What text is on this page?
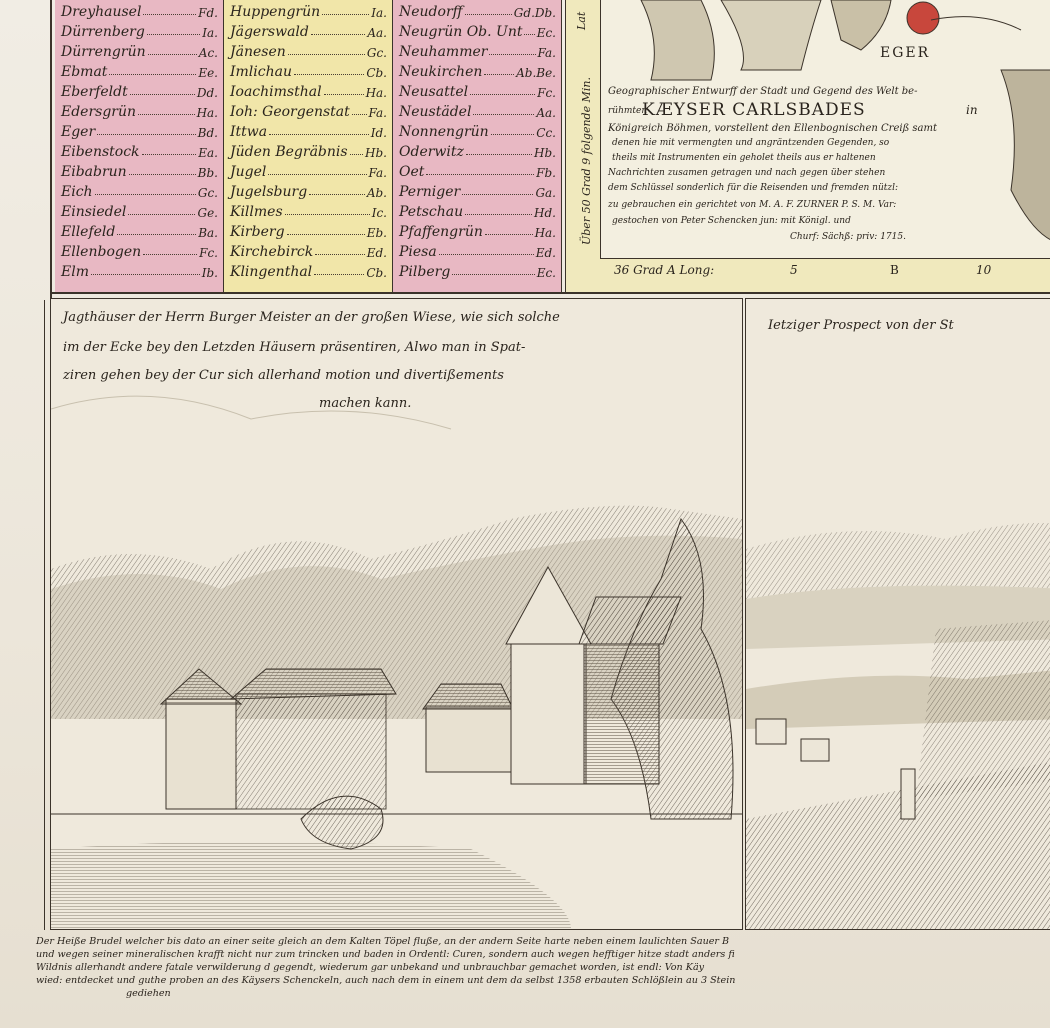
Dreyhausel	Fd.
Dürrenberg	Ia.
Dürrengrün	Ac.
Ebmat	Ee.
Eberfeldt	Dd.
Edersgrün	Ha.
Eger	Bd.
Eibenstock	Ea.
Eibabrun	Bb.
Eich	Gc.
Einsiedel	Ge.
Ellefeld	Ba.
Ellenbogen	Fc.
Elm	Ib.
Huppengrün	Ia.
Jägerswald	Aa.
Jänesen	Gc.
Imlichau	Cb.
Ioachimsthal	Ha.
Ioh: Georgenstat Fa.
Ittwa	Id.
Jüden Begräbnis Hb.
Jugel	Fa.
Jugelsburg	Ab.
Killmes	Ic.
Kirberg	Eb.
Kirchebirck	Ed.
Klingenthal	Cb.
Neudorff	Gd.Db.
Neugrün Ob. Unt Ec.
Neuhammer	Fa.
Neukirchen	Ab.Be.
Neusattel	Fc.
Neustädel	Aa.
Nonnengrün	Cc.
Oderwitz	Hb.
Oet	Fb.
Perniger	Ga.
Petschau	Hd.
Pfaffengrün	Ha.
Piesa	Ed.
Pilberg	Ec.
Über 50 Grad 9 folgende Min.
Lat
EGER
Geographischer Entwurff der Stadt und Gegend des Welt be-
rühmten
KÆYSER CARLSBADES	in
Königreich Böhmen, vorstellent den Ellenbognischen Creiß samt
denen hie mit vermengten und angräntzenden Gegenden, so
theils mit Instrumenten ein geholet theils aus er haltenen
Nachrichten zusamen getragen und nach gegen über stehen
dem Schlüssel sonderlich für die Reisenden und fremden nützl:
zu gebrauchen ein gerichtet von M. A. F. ZURNER P. S. M. Var:
gestochen von Peter Schencken jun: mit Königl. und
Churf: Sächß: priv: 1715.
36 Grad A Long:	5	B	10
Jagthäuser der Herrn Burger Meister an der großen Wiese, wie sich solche
im der Ecke bey den Letzden Häusern präsentiren, Alwo man in Spat-
ziren gehen bey der Cur sich allerhand motion und divertißements
machen kann.
Ietziger Prospect von der St
Der Heiße Brudel welcher bis dato an einer seite gleich an dem Kalten Töpel fluße, an der andern Seite harte neben einem laulichten Sauer B
und wegen seiner mineralischen krafft nicht nur zum trincken und baden in Ordentl: Curen, sondern auch wegen hefftiger hitze stadt anders fi
Wildnis allerhandt andere fatale verwilderung d gegendt, wiederum gar unbekand und unbrauchbar gemachet worden, ist endl: Von Käy
wied: entdecket und guthe proben an des Käysers Schenckeln, auch nach dem in einem unt dem da selbst 1358 erbauten Schlößlein au 3 Stein
gediehen
